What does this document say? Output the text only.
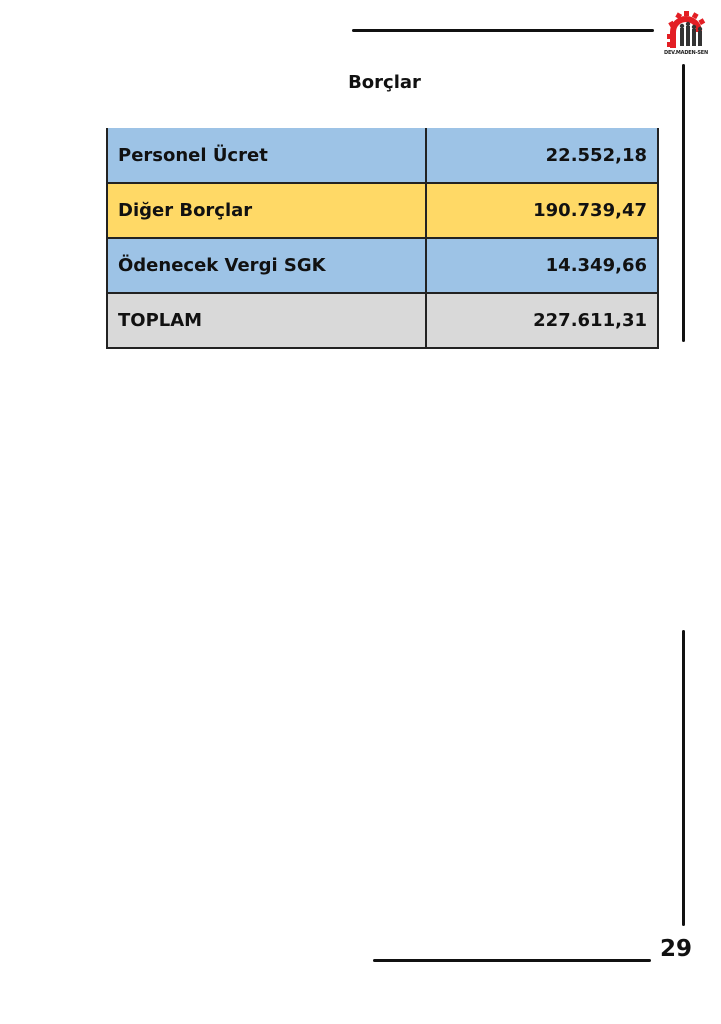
DEV.MADEN-SEN
Borçlar
Personel Ücret	22.552,18
Diğer Borçlar	190.739,47
Ödenecek Vergi SGK	14.349,66
TOPLAM	227.611,31
29
